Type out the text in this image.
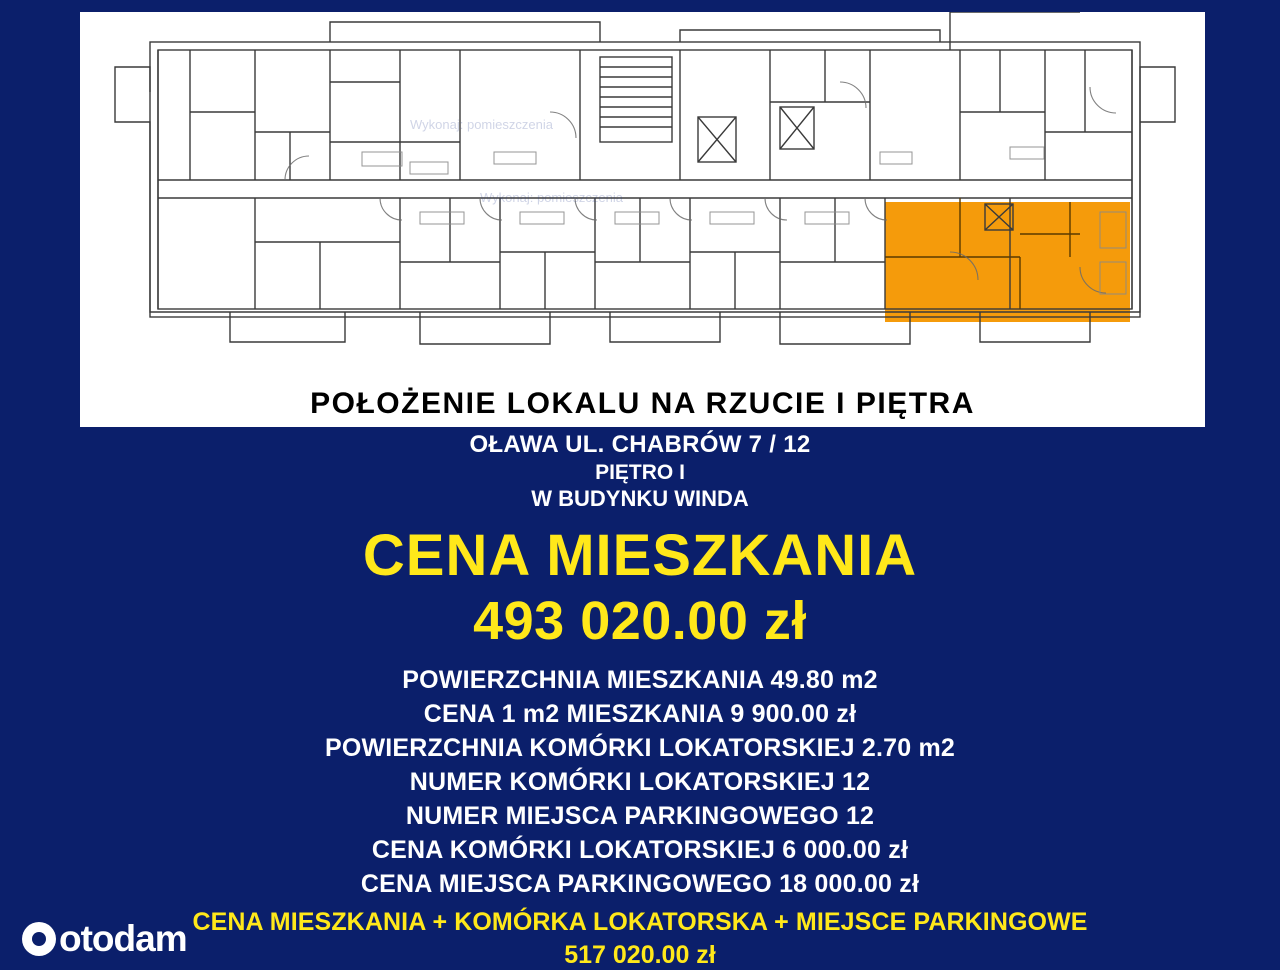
Wykonaj: pomieszczenia
Wykonaj: pomieszczenia
POŁOŻENIE LOKALU NA RZUCIE I PIĘTRA
OŁAWA UL. CHABRÓW 7 / 12
PIĘTRO I
W BUDYNKU WINDA
CENA MIESZKANIA
493 020.00 zł
POWIERZCHNIA MIESZKANIA 49.80 m2
CENA 1 m2 MIESZKANIA 9 900.00 zł
POWIERZCHNIA KOMÓRKI LOKATORSKIEJ 2.70 m2
NUMER KOMÓRKI LOKATORSKIEJ 12
NUMER MIEJSCA PARKINGOWEGO 12
CENA KOMÓRKI LOKATORSKIEJ 6 000.00 zł
CENA MIEJSCA PARKINGOWEGO 18 000.00 zł
CENA MIESZKANIA + KOMÓRKA LOKATORSKA + MIEJSCE PARKINGOWE
517 020.00 zł
otodam
